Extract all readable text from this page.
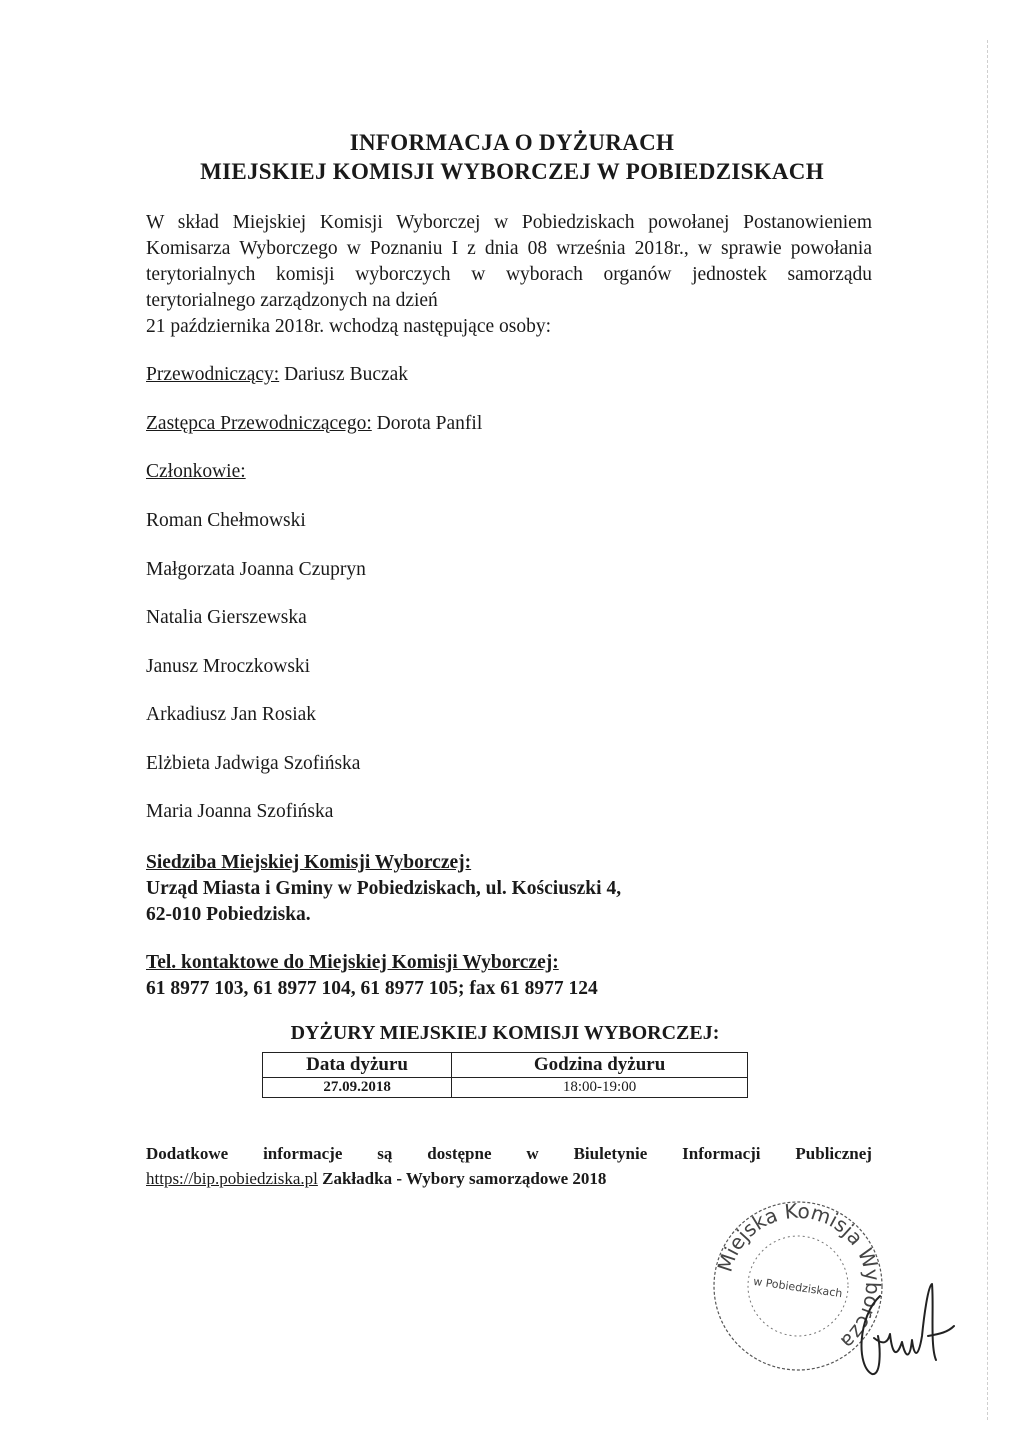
INFORMACJA O DYŻURACH
MIEJSKIEJ KOMISJI WYBORCZEJ W POBIEDZISKACH
W skład Miejskiej Komisji Wyborczej w Pobiedziskach powołanej Postanowieniem Komisarza Wyborczego w Poznaniu I z dnia 08 września 2018r., w sprawie powołania terytorialnych komisji wyborczych w wyborach organów jednostek samorządu terytorialnego zarządzonych na dzień
21 października 2018r. wchodzą następujące osoby:
Przewodniczący: Dariusz Buczak
Zastępca Przewodniczącego: Dorota Panfil
Członkowie:
Roman Chełmowski
Małgorzata Joanna Czupryn
Natalia Gierszewska
Janusz Mroczkowski
Arkadiusz Jan Rosiak
Elżbieta Jadwiga Szofińska
Maria Joanna Szofińska
Siedziba Miejskiej Komisji Wyborczej:
Urząd Miasta i Gminy w Pobiedziskach, ul. Kościuszki 4,
62-010 Pobiedziska.
Tel. kontaktowe do Miejskiej Komisji Wyborczej:
61 8977 103, 61 8977 104, 61 8977 105; fax 61 8977 124
DYŻURY MIEJSKIEJ KOMISJI WYBORCZEJ:
Data dyżuru	Godzina dyżuru
27.09.2018	18:00-19:00
Dodatkowe informacje są dostępne w Biuletynie Informacji Publicznej
https://bip.pobiedziska.pl Zakładka - Wybory samorządowe 2018
Miejska Komisja Wyborcza
w Pobiedziskach
